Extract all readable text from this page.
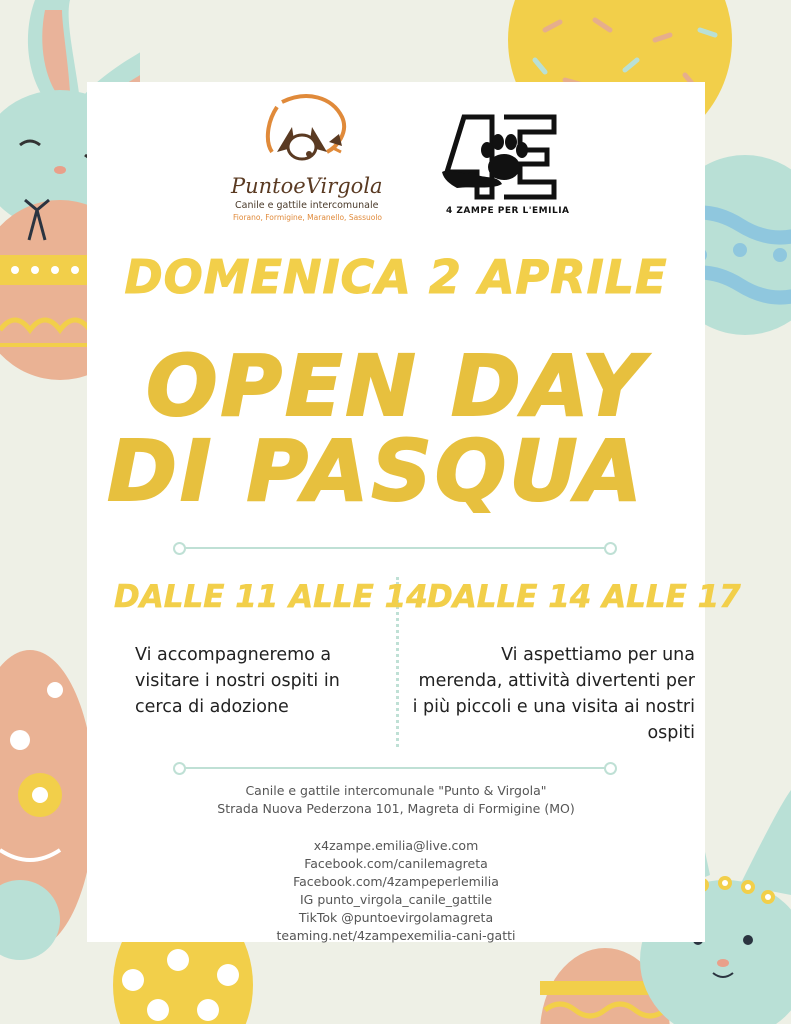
PuntoeVirgola
Canile e gattile intercomunale
Fiorano, Formigine, Maranello, Sassuolo
4 ZAMPE PER L'EMILIA
DOMENICA 2 APRILE
OPEN DAY
DI PASQUA
DALLE 11 ALLE 14 DALLE 14 ALLE 17
Vi accompagneremo a visitare i nostri ospiti in cerca di adozione
Vi aspettiamo per una merenda, attività divertenti per i più piccoli e una visita ai nostri ospiti
Canile e gattile intercomunale "Punto & Virgola"
Strada Nuova Pederzona 101, Magreta di Formigine (MO)
x4zampe.emilia@live.com
Facebook.com/canilemagreta
Facebook.com/4zampeperlemilia
IG punto_virgola_canile_gattile
TikTok @puntoevirgolamagreta
teaming.net/4zampexemilia-cani-gatti
